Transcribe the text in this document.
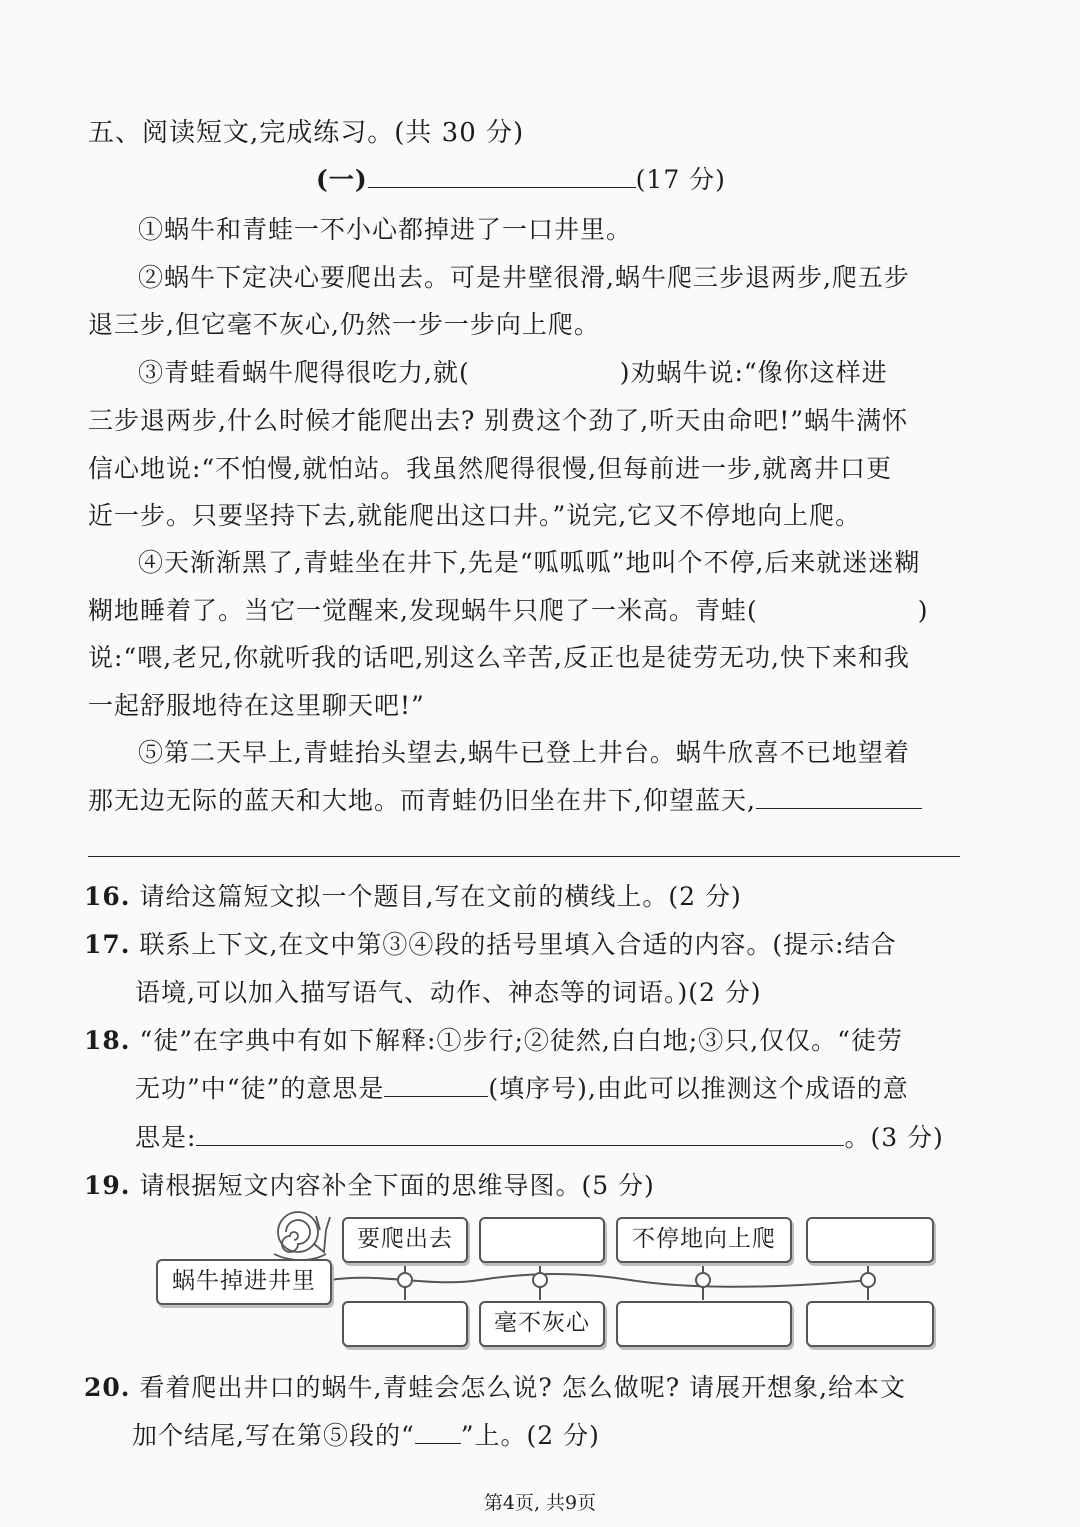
五、阅读短文,完成练习。(共 30 分)
(一)	(17 分)
①蜗牛和青蛙一不小心都掉进了一口井里。
②蜗牛下定决心要爬出去。可是井壁很滑,蜗牛爬三步退两步,爬五步
退三步,但它毫不灰心,仍然一步一步向上爬。
③青蛙看蜗牛爬得很吃力,就(	)劝蜗牛说:“像你这样进
三步退两步,什么时候才能爬出去? 别费这个劲了,听天由命吧!”蜗牛满怀
信心地说:“不怕慢,就怕站。我虽然爬得很慢,但每前进一步,就离井口更
近一步。只要坚持下去,就能爬出这口井。”说完,它又不停地向上爬。
④天渐渐黑了,青蛙坐在井下,先是“呱呱呱”地叫个不停,后来就迷迷糊
糊地睡着了。当它一觉醒来,发现蜗牛只爬了一米高。青蛙(	)
说:“喂,老兄,你就听我的话吧,别这么辛苦,反正也是徒劳无功,快下来和我
一起舒服地待在这里聊天吧!”
⑤第二天早上,青蛙抬头望去,蜗牛已登上井台。蜗牛欣喜不已地望着
那无边无际的蓝天和大地。而青蛙仍旧坐在井下,仰望蓝天,
16. 请给这篇短文拟一个题目,写在文前的横线上。(2 分)
17. 联系上下文,在文中第③④段的括号里填入合适的内容。(提示:结合
语境,可以加入描写语气、动作、神态等的词语。)(2 分)
18. “徒”在字典中有如下解释:①步行;②徒然,白白地;③只,仅仅。“徒劳
无功”中“徒”的意思是	(填序号),由此可以推测这个成语的意
思是:	。(3 分)
19. 请根据短文内容补全下面的思维导图。(5 分)
蜗牛掉进井里
要爬出去	不停地向上爬
毫不灰心
20. 看着爬出井口的蜗牛,青蛙会怎么说? 怎么做呢? 请展开想象,给本文
加个结尾,写在第⑤段的“ ”上。(2 分)
第4页, 共9页
